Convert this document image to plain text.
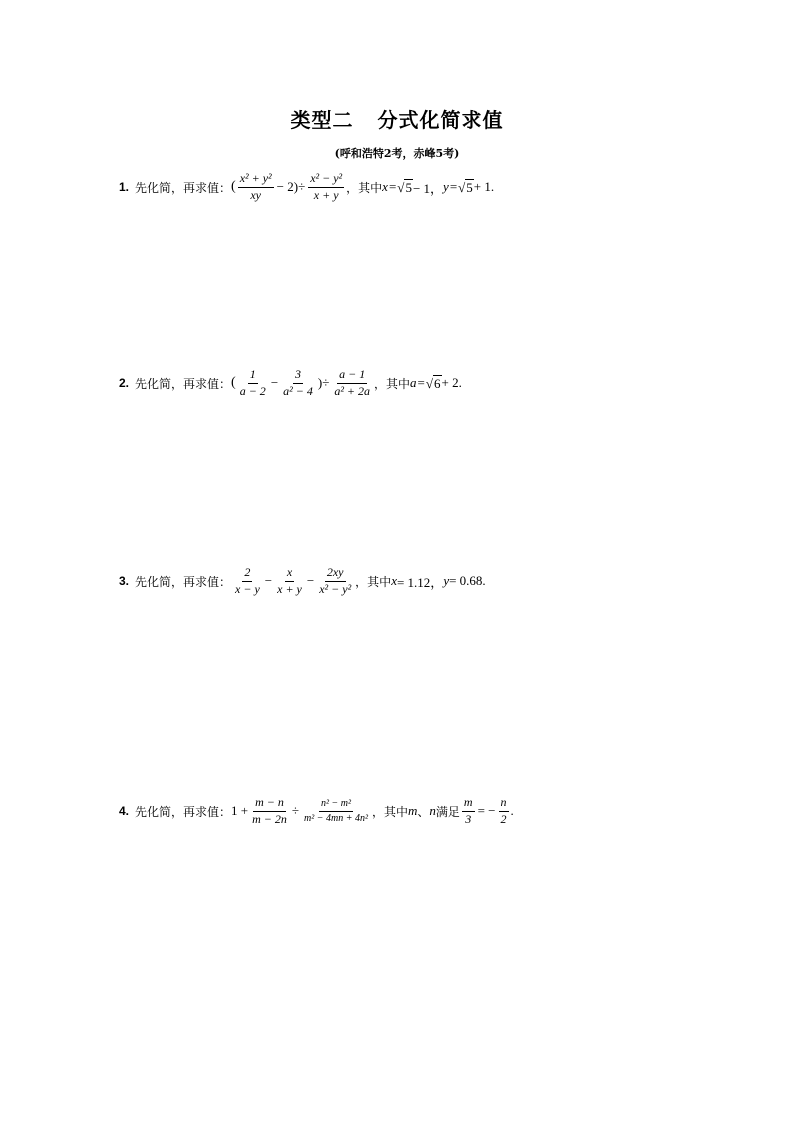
类型二 分式化简求值
(呼和浩特2考，赤峰5考)
1. 先化简，再求值： ( $\frac{\text{x² + y²}}{xy} - 2)\div \frac{\text{x² − y²}}{x + y}$ ，其中 x = √ 5 − 1， y = √ 5 + 1.
2. 先化简，再求值： ( $\frac{1}{a - 2} - \frac{3}{\text{a² − 4}}$ )÷ $\frac{a - 1}{\text{a² + 2a}}$ ，其中 a = √ 6 + 2.
3. 先化简，再求值： $\frac{2}{x - y} - \frac{x}{x + y} - \frac{2xy}{\text{x² − y²}}$ ，其中 x = 1.12， y = 0.68.
4. 先化简，再求值： $1 + \frac{m - n}{m - 2n} \div \frac{\text{n² − m²}}{\text{m² − 4mn + 4n²}}$ ，其中 m 、 n 满足 $\frac{m}{3}$ = − $\frac{n}{2}$ .
